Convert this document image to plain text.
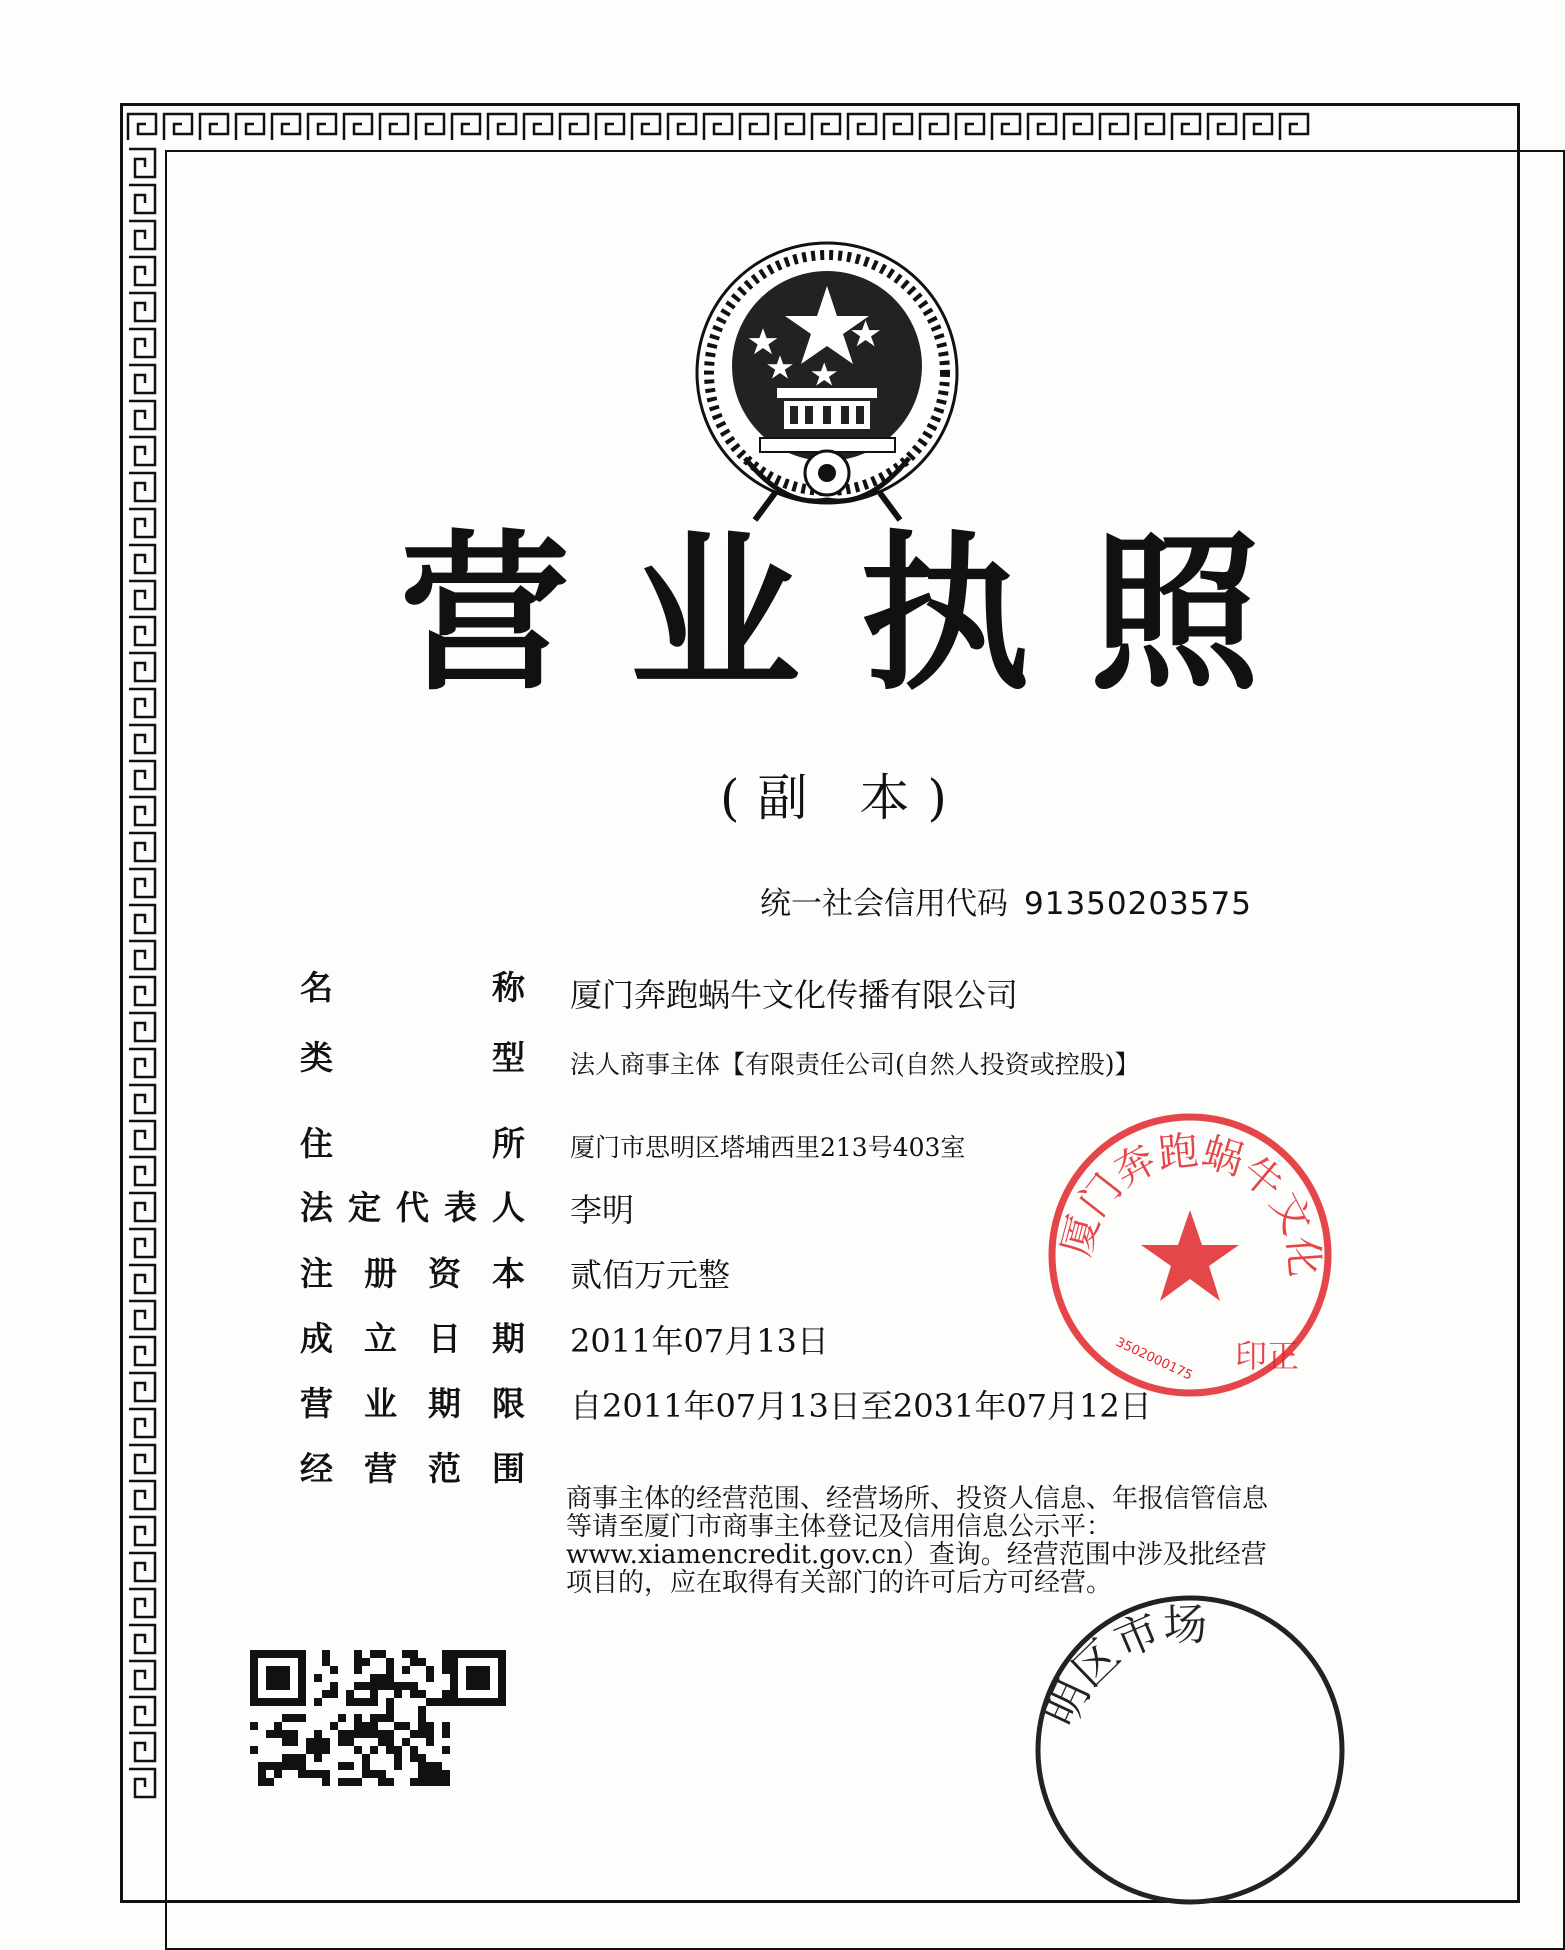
营业执照
(副 本)
统一社会信用代码 91350203575
名	称 厦门奔跑蜗牛文化传播有限公司
类	型 法人商事主体【有限责任公司(自然人投资或控股)】
住	所 厦门市思明区塔埔西里213号403室
法 定 代 表 人 李明
注 册 资 本 贰佰万元整
成 立 日 期 2011年07月13日
营 业 期 限 自2011年07月13日至2031年07月12日
经 营 范 围
商事主体的经营范围、经营场所、投资人信息、年报信管信息等请至厦门市商事主体登记及信用信息公示平：www.xiamencredit.gov.cn）查询。经营范围中涉及批经营项目的，应在取得有关部门的许可后方可经营。
厦门奔跑蜗牛文化
3502000175 印正
明区市场
